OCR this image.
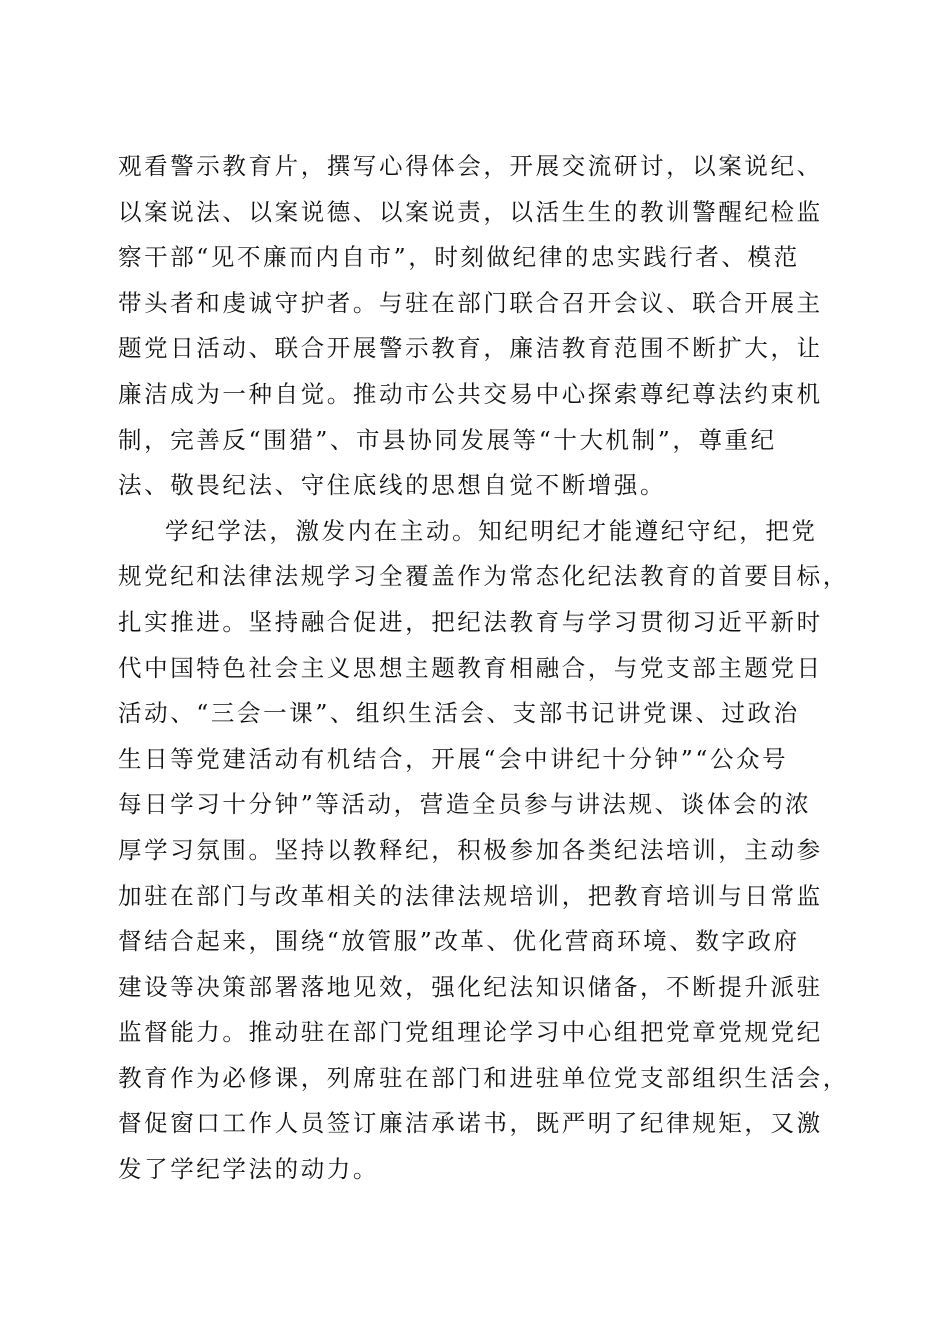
观看警示教育片，撰写心得体会，开展交流研讨，以案说纪、
以案说法、以案说德、以案说责，以活生生的教训警醒纪检监
察干部“见不廉而内自市”，时刻做纪律的忠实践行者、模范
带头者和虔诚守护者。与驻在部门联合召开会议、联合开展主
题党日活动、联合开展警示教育，廉洁教育范围不断扩大，让
廉洁成为一种自觉。推动市公共交易中心探索尊纪尊法约束机
制，完善反“围猎”、市县协同发展等“十大机制”，尊重纪
法、敬畏纪法、守住底线的思想自觉不断增强。
学纪学法，激发内在主动。知纪明纪才能遵纪守纪，把党
规党纪和法律法规学习全覆盖作为常态化纪法教育的首要目标，
扎实推进。坚持融合促进，把纪法教育与学习贯彻习近平新时
代中国特色社会主义思想主题教育相融合，与党支部主题党日
活动、“三会一课”、组织生活会、支部书记讲党课、过政治
生日等党建活动有机结合，开展“会中讲纪十分钟”“公众号
每日学习十分钟”等活动，营造全员参与讲法规、谈体会的浓
厚学习氛围。坚持以教释纪，积极参加各类纪法培训，主动参
加驻在部门与改革相关的法律法规培训，把教育培训与日常监
督结合起来，围绕“放管服”改革、优化营商环境、数字政府
建设等决策部署落地见效，强化纪法知识储备，不断提升派驻
监督能力。推动驻在部门党组理论学习中心组把党章党规党纪
教育作为必修课，列席驻在部门和进驻单位党支部组织生活会，
督促窗口工作人员签订廉洁承诺书，既严明了纪律规矩，又激
发了学纪学法的动力。
